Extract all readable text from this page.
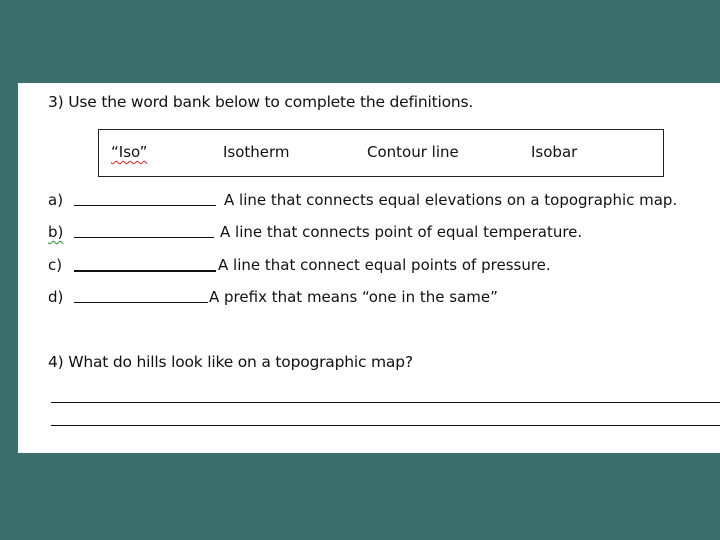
3) Use the word bank below to complete the definitions.
“Iso”	Isotherm	Contour line	Isobar
a)	A line that connects equal elevations on a topographic map.
b)	A line that connects point of equal temperature.
c)	A line that connect equal points of pressure.
d)	A prefix that means “one in the same”
4) What do hills look like on a topographic map?
